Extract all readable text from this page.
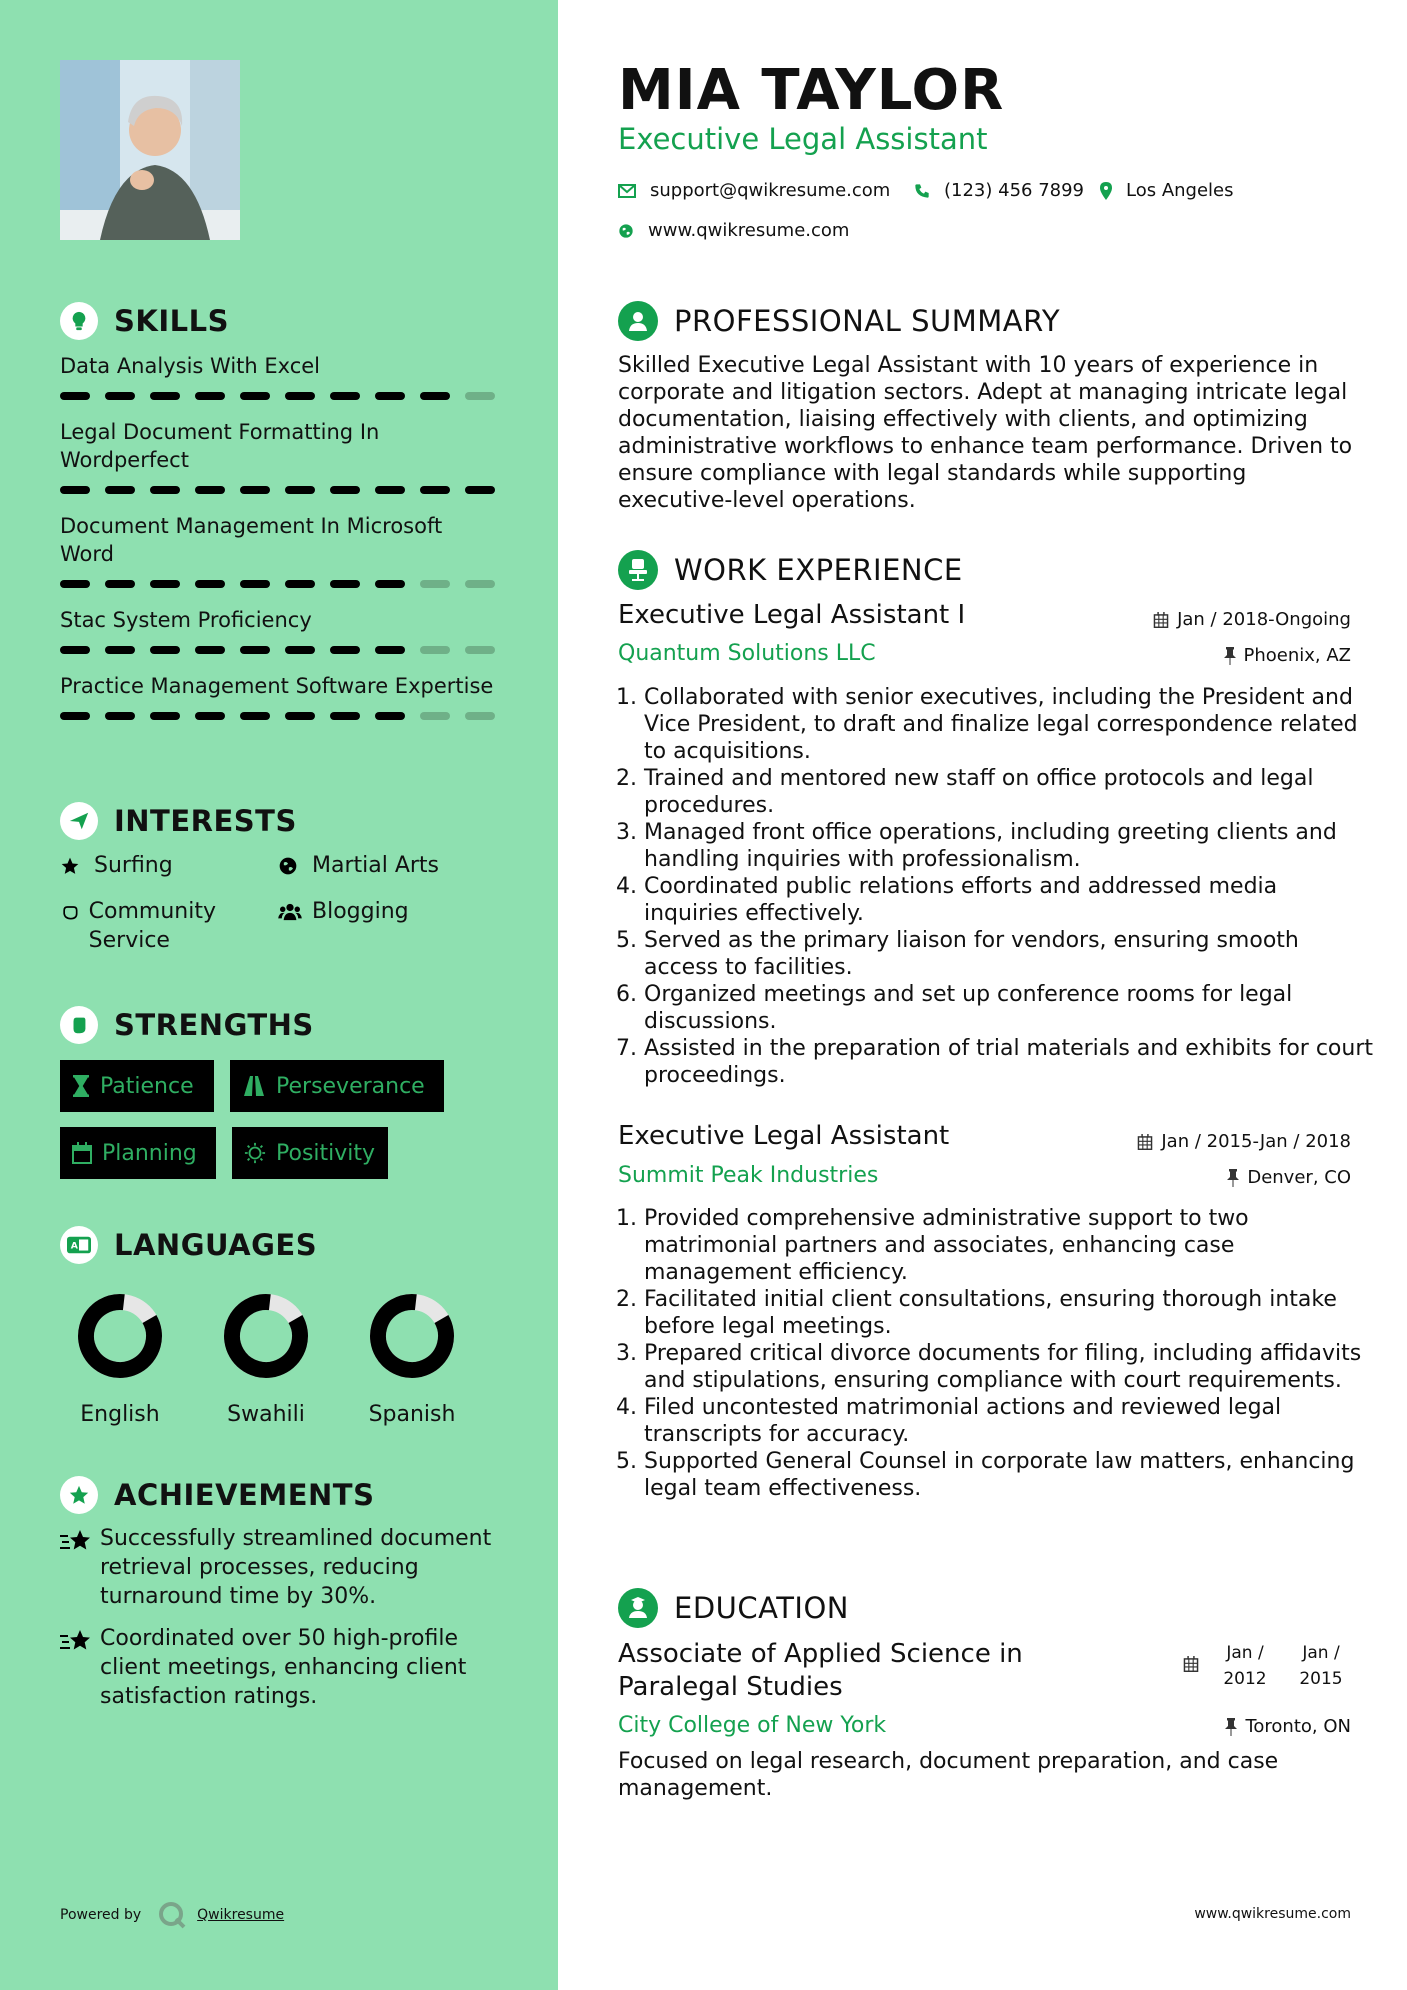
SKILLS
Data Analysis With Excel
Legal Document Formatting In Wordperfect
Document Management In Microsoft Word
Stac System Proficiency
Practice Management Software Expertise
INTERESTS
Surfing	Martial Arts
Community Service
Blogging
STRENGTHS
Patience	Perseverance
Planning	Positivity
A LANGUAGES
English	Swahili	Spanish
ACHIEVEMENTS
Successfully streamlined document retrieval processes, reducing turnaround time by 30%.
Coordinated over 50 high-profile client meetings, enhancing client satisfaction ratings.
Powered by	Qwikresume
MIA TAYLOR
Executive Legal Assistant
support@qwikresume.com	(123) 456 7899 Los Angeles
www.qwikresume.com
PROFESSIONAL SUMMARY
Skilled Executive Legal Assistant with 10 years of experience in corporate and litigation sectors. Adept at managing intricate legal documentation, liaising effectively with clients, and optimizing administrative workflows to enhance team performance. Driven to ensure compliance with legal standards while supporting executive-level operations.
WORK EXPERIENCE
Executive Legal Assistant I	Jan / 2018-Ongoing
Quantum Solutions LLC	Phoenix, AZ
1. Collaborated with senior executives, including the President and Vice President, to draft and finalize legal correspondence related to acquisitions.
2. Trained and mentored new staff on office protocols and legal procedures.
3. Managed front office operations, including greeting clients and handling inquiries with professionalism.
4. Coordinated public relations efforts and addressed media inquiries effectively.
5. Served as the primary liaison for vendors, ensuring smooth access to facilities.
6. Organized meetings and set up conference rooms for legal discussions.
7. Assisted in the preparation of trial materials and exhibits for court proceedings.
Executive Legal Assistant	Jan / 2015-Jan / 2018
Summit Peak Industries	Denver, CO
1. Provided comprehensive administrative support to two matrimonial partners and associates, enhancing case management efficiency.
2. Facilitated initial client consultations, ensuring thorough intake before legal meetings.
3. Prepared critical divorce documents for filing, including affidavits and stipulations, ensuring compliance with court requirements.
4. Filed uncontested matrimonial actions and reviewed legal transcripts for accuracy.
5. Supported General Counsel in corporate law matters, enhancing legal team effectiveness.
EDUCATION
Associate of Applied Science in Paralegal Studies
Jan / 2012
Jan / 2015
City College of New York	Toronto, ON
Focused on legal research, document preparation, and case management.
www.qwikresume.com
